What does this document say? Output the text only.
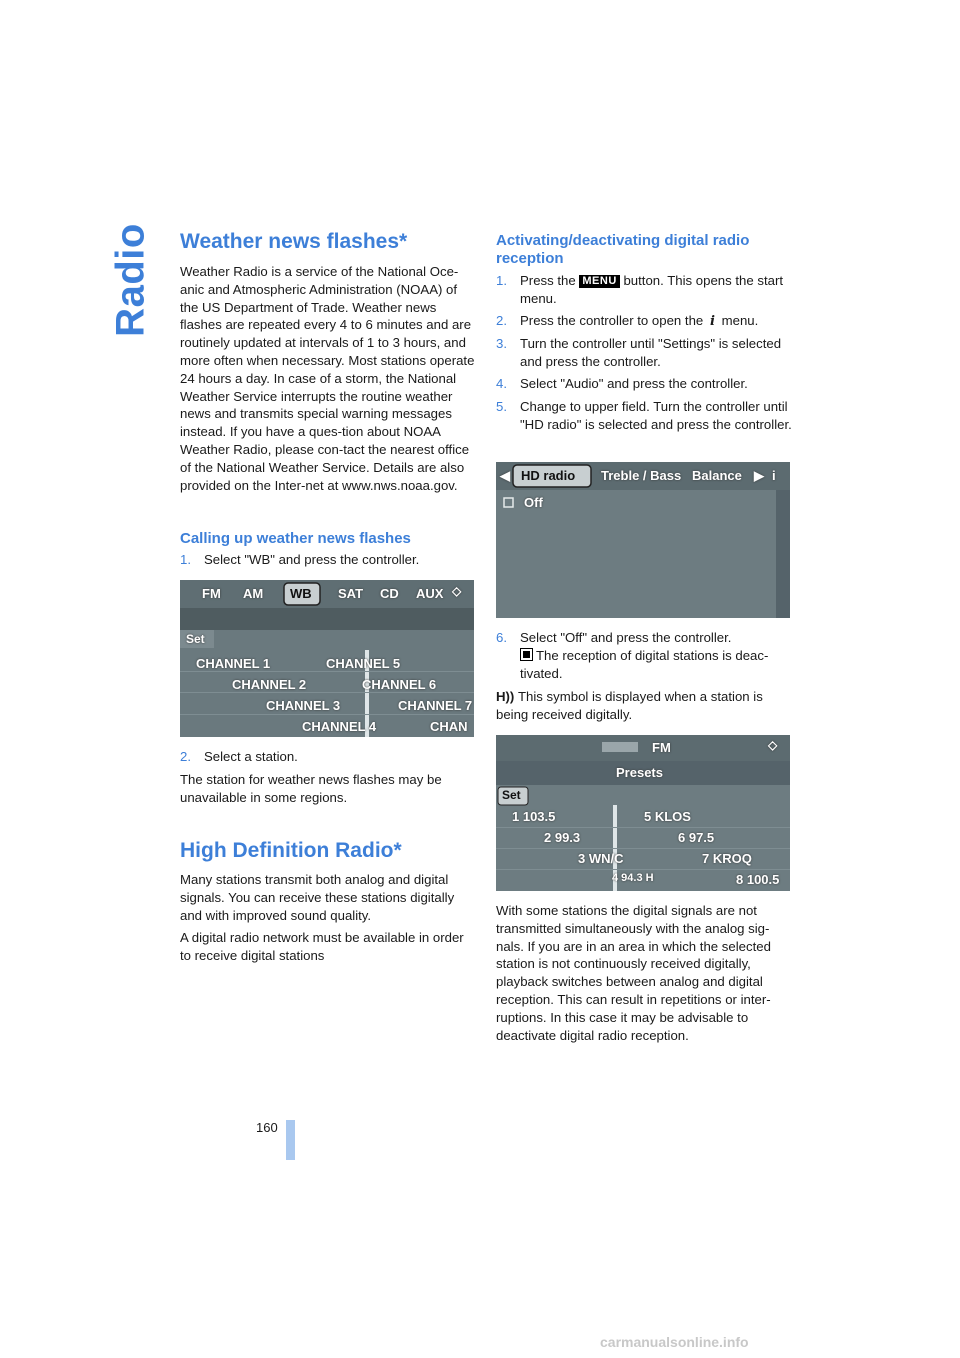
Radio Weather news flashes*

Weather Radio is a service of the National Oce-anic and Atmospheric Administration (NOAA) of the US Department of Trade. Weather news flashes are repeated every 4 to 6 minutes and are routinely updated at intervals of 1 to 3 hours, and more often when necessary. Most stations operate 24 hours a day. In case of a storm, the National Weather Service interrupts the routine weather news and transmits special warning messages instead. If you have a ques-tion about NOAA Weather Radio, please con-tact the nearest office of the National Weather Service. Details are also provided on the Inter-net at www.nws.noaa.gov.

Calling up weather news flashes
1. Select "WB" and press the controller.
FM AM WB SAT CD AUX ◇
Set
CHANNEL 1
CHANNEL 2
CHANNEL 3
CHANNEL 4
CHANNEL 5
CHANNEL 6
CHANNEL 7
CHAN
2. Select a station.

The station for weather news flashes may be unavailable in some regions.

High Definition Radio*

Many stations transmit both analog and digital signals. You can receive these stations digitally and with improved sound quality.

A digital radio network must be available in order to receive digital stations

Activating/deactivating digital radio reception
1. Press the MENU button. This opens the start menu.
2. Press the controller to open the i menu.
3. Turn the controller until "Settings" is selected and press the controller.
4. Select "Audio" and press the controller.
5. Change to upper field. Turn the controller until "HD radio" is selected and press the controller.
◀ HD radio Treble / Bass Balance ▶ i
Off
6. Select "Off" and press the controller.
The reception of digital stations is deac-tivated.

H)) This symbol is displayed when a station is being received digitally.

FM
Presets
◇
Set
1 103.5
2 99.3
3 WN/C
4 94.3 H
5 KLOS
6 97.5
7 KROQ
8 100.5

With some stations the digital signals are not transmitted simultaneously with the analog sig-nals. If you are in an area in which the selected station is not continuously received digitally, playback switches between analog and digital reception. This can result in repetitions or inter-ruptions. In this case it may be advisable to deactivate digital radio reception.

160
carmanualsonline.info
